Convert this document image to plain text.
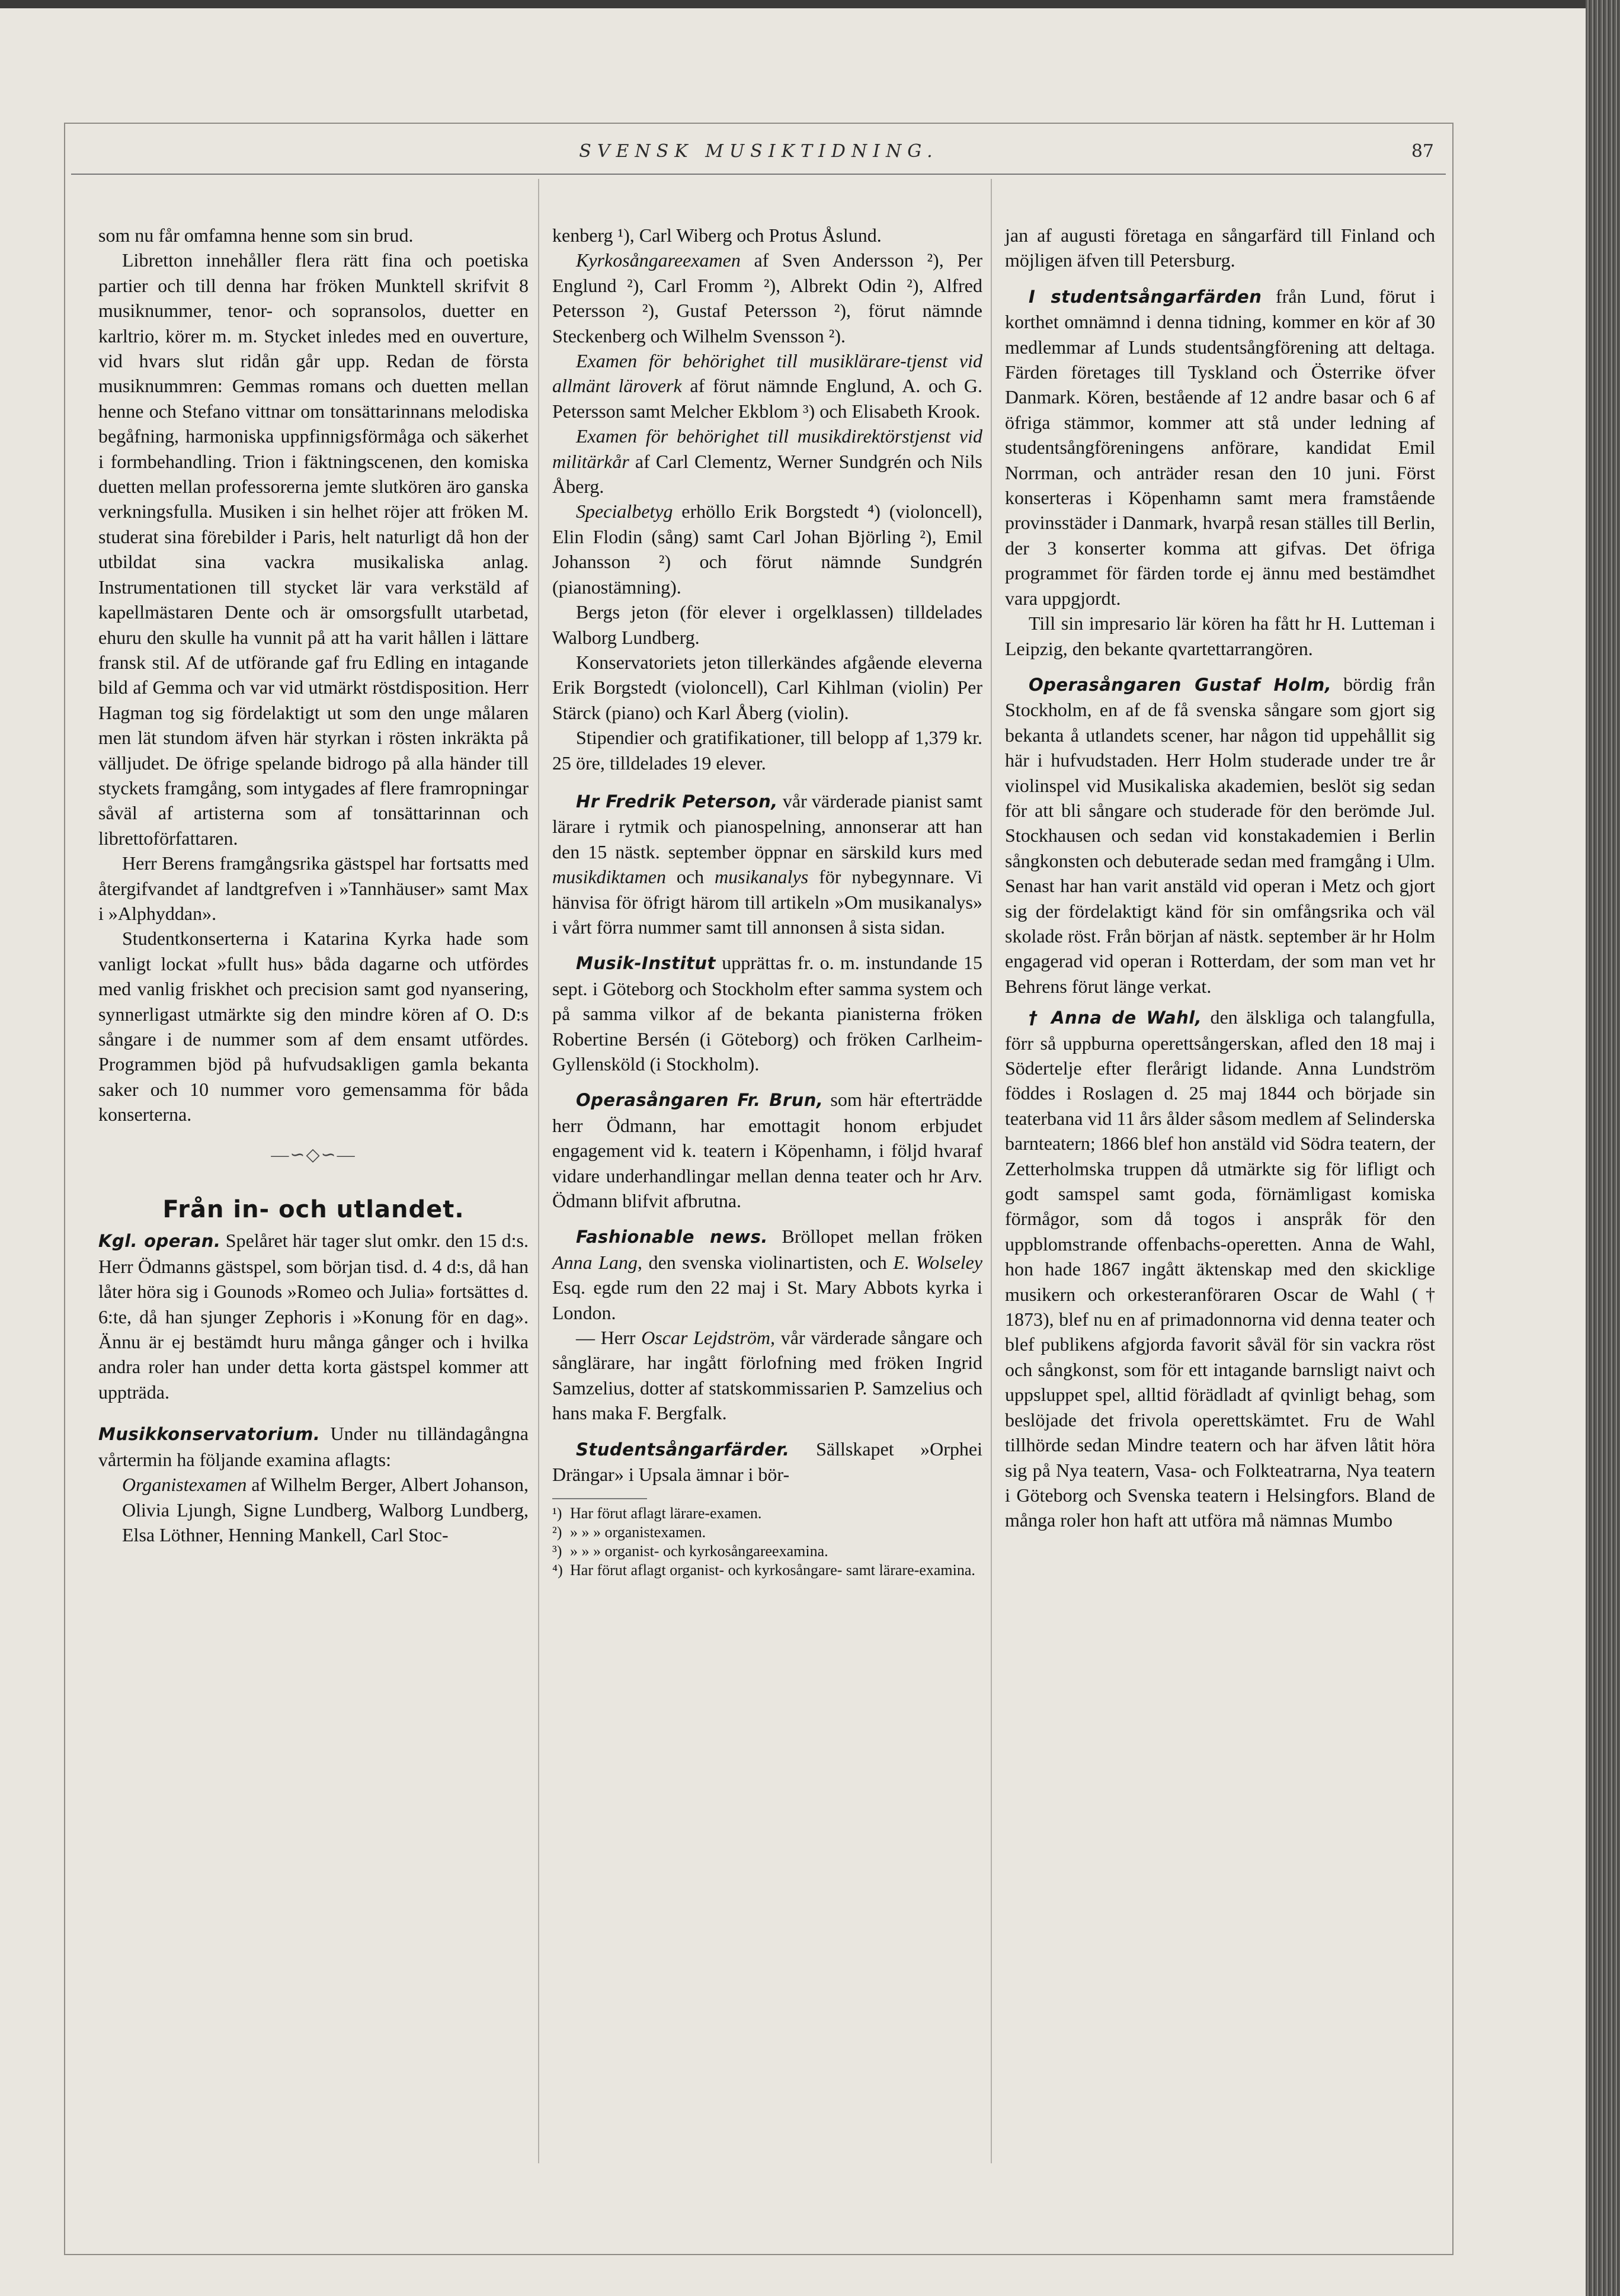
SVENSK MUSIKTIDNING.	87

som nu får omfamna henne som sin brud.

Libretton innehåller flera rätt fina och poetiska partier och till denna har fröken Munktell skrifvit 8 musiknummer, tenor- och sopransolos, duetter en karltrio, körer m. m. Stycket inledes med en ouverture, vid hvars slut ridån går upp. Redan de första musiknummren: Gemmas romans och duetten mellan henne och Stefano vittnar om tonsättarinnans melodiska begåfning, harmoniska uppfinnigsförmåga och säkerhet i formbehandling. Trion i fäktningscenen, den komiska duetten mellan professorerna jemte slutkören äro ganska verkningsfulla. Musiken i sin helhet röjer att fröken M. studerat sina förebilder i Paris, helt naturligt då hon der utbildat sina vackra musikaliska anlag. Instrumentationen till stycket lär vara verkstäld af kapellmästaren Dente och är omsorgsfullt utarbetad, ehuru den skulle ha vunnit på att ha varit hållen i lättare fransk stil. Af de utförande gaf fru Edling en intagande bild af Gemma och var vid utmärkt röstdisposition. Herr Hagman tog sig fördelaktigt ut som den unge målaren men lät stundom äfven här styrkan i rösten inkräkta på välljudet. De öfrige spelande bidrogo på alla händer till styckets framgång, som intygades af flere framropningar såväl af artisterna som af tonsättarinnan och librettoförfattaren.

Herr Berens framgångsrika gästspel har fortsatts med återgifvandet af landtgrefven i »Tannhäuser» samt Max i »Alphyddan».

Studentkonserterna i Katarina Kyrka hade som vanligt lockat »fullt hus» båda dagarne och utfördes med vanlig friskhet och precision samt god nyansering, synnerligast utmärkte sig den mindre kören af O. D:s sångare i de nummer som af dem ensamt utfördes. Programmen bjöd på hufvudsakligen gamla bekanta saker och 10 nummer voro gemensamma för båda konserterna.

—∽◇∽—
Från in- och utlandet.

Kgl. operan. Spelåret här tager slut omkr. den 15 d:s. Herr Ödmanns gästspel, som början tisd. d. 4 d:s, då han låter höra sig i Gounods »Romeo och Julia» fortsättes d. 6:te, då han sjunger Zephoris i »Konung för en dag». Ännu är ej bestämdt huru många gånger och i hvilka andra roler han under detta korta gästspel kommer att uppträda.

Musikkonservatorium. Under nu tilländagångna vårtermin ha följande examina aflagts:

Organistexamen af Wilhelm Berger, Albert Johanson, Olivia Ljungh, Signe Lundberg, Walborg Lundberg, Elsa Löthner, Henning Mankell, Carl Stoc-

kenberg ¹), Carl Wiberg och Protus Åslund.

Kyrkosångareexamen af Sven Andersson ²), Per Englund ²), Carl Fromm ²), Albrekt Odin ²), Alfred Petersson ²), Gustaf Petersson ²), förut nämnde Steckenberg och Wilhelm Svensson ²).

Examen för behörighet till musiklärare-tjenst vid allmänt läroverk af förut nämnde Englund, A. och G. Petersson samt Melcher Ekblom ³) och Elisabeth Krook.

Examen för behörighet till musikdirektörstjenst vid militärkår af Carl Clementz, Werner Sundgrén och Nils Åberg.

Specialbetyg erhöllo Erik Borgstedt ⁴) (violoncell), Elin Flodin (sång) samt Carl Johan Björling ²), Emil Johansson ²) och förut nämnde Sundgrén (pianostämning).

Bergs jeton (för elever i orgelklassen) tilldelades Walborg Lundberg.

Konservatoriets jeton tillerkändes afgående eleverna Erik Borgstedt (violoncell), Carl Kihlman (violin) Per Stärck (piano) och Karl Åberg (violin).

Stipendier och gratifikationer, till belopp af 1,379 kr. 25 öre, tilldelades 19 elever.

Hr Fredrik Peterson, vår värderade pianist samt lärare i rytmik och pianospelning, annonserar att han den 15 nästk. september öppnar en särskild kurs med musikdiktamen och musikanalys för nybegynnare. Vi hänvisa för öfrigt härom till artikeln »Om musikanalys» i vårt förra nummer samt till annonsen å sista sidan.

Musik-Institut upprättas fr. o. m. instundande 15 sept. i Göteborg och Stockholm efter samma system och på samma vilkor af de bekanta pianisterna fröken Robertine Bersén (i Göteborg) och fröken Carlheim-Gyllensköld (i Stockholm).

Operasångaren Fr. Brun, som här efterträdde herr Ödmann, har emottagit honom erbjudet engagement vid k. teatern i Köpenhamn, i följd hvaraf vidare underhandlingar mellan denna teater och hr Arv. Ödmann blifvit afbrutna.

Fashionable news. Bröllopet mellan fröken Anna Lang, den svenska violinartisten, och E. Wolseley Esq. egde rum den 22 maj i St. Mary Abbots kyrka i London.

— Herr Oscar Lejdström, vår värderade sångare och sånglärare, har ingått förlofning med fröken Ingrid Samzelius, dotter af statskommissarien P. Samzelius och hans maka F. Bergfalk.

Studentsångarfärder. Sällskapet »Orphei Drängar» i Upsala ämnar i bör-

¹) Har förut aflagt lärare-examen.

²) » » » organistexamen.

³) » » » organist- och kyrkosångareexamina.

⁴) Har förut aflagt organist- och kyrkosångare- samt lärare-examina.

jan af augusti företaga en sångarfärd till Finland och möjligen äfven till Petersburg.

I studentsångarfärden från Lund, förut i korthet omnämnd i denna tidning, kommer en kör af 30 medlemmar af Lunds studentsångförening att deltaga. Färden företages till Tyskland och Österrike öfver Danmark. Kören, bestående af 12 andre basar och 6 af öfriga stämmor, kommer att stå under ledning af studentsångföreningens anförare, kandidat Emil Norrman, och anträder resan den 10 juni. Först konserteras i Köpenhamn samt mera framstående provinsstäder i Danmark, hvarpå resan ställes till Berlin, der 3 konserter komma att gifvas. Det öfriga programmet för färden torde ej ännu med bestämdhet vara uppgjordt.

Till sin impresario lär kören ha fått hr H. Lutteman i Leipzig, den bekante qvartettarrangören.

Operasångaren Gustaf Holm, bördig från Stockholm, en af de få svenska sångare som gjort sig bekanta å utlandets scener, har någon tid uppehållit sig här i hufvudstaden. Herr Holm studerade under tre år violinspel vid Musikaliska akademien, beslöt sig sedan för att bli sångare och studerade för den berömde Jul. Stockhausen och sedan vid konstakademien i Berlin sångkonsten och debuterade sedan med framgång i Ulm. Senast har han varit anstäld vid operan i Metz och gjort sig der fördelaktigt känd för sin omfångsrika och väl skolade röst. Från början af nästk. september är hr Holm engagerad vid operan i Rotterdam, der som man vet hr Behrens förut länge verkat.

† Anna de Wahl, den älskliga och talangfulla, förr så uppburna operettsångerskan, afled den 18 maj i Södertelje efter flerårigt lidande. Anna Lundström föddes i Roslagen d. 25 maj 1844 och började sin teaterbana vid 11 års ålder såsom medlem af Selinderska barnteatern; 1866 blef hon anstäld vid Södra teatern, der Zetterholmska truppen då utmärkte sig för lifligt och godt samspel samt goda, förnämligast komiska förmågor, som då togos i anspråk för den uppblomstrande offenbachs-operetten. Anna de Wahl, hon hade 1867 ingått äktenskap med den skicklige musikern och orkesteranföraren Oscar de Wahl († 1873), blef nu en af primadonnorna vid denna teater och blef publikens afgjorda favorit såväl för sin vackra röst och sångkonst, som för ett intagande barnsligt naivt och uppsluppet spel, alltid förädladt af qvinligt behag, som beslöjade det frivola operettskämtet. Fru de Wahl tillhörde sedan Mindre teatern och har äfven låtit höra sig på Nya teatern, Vasa- och Folkteatrarna, Nya teatern i Göteborg och Svenska teatern i Helsingfors. Bland de många roler hon haft att utföra må nämnas Mumbo
